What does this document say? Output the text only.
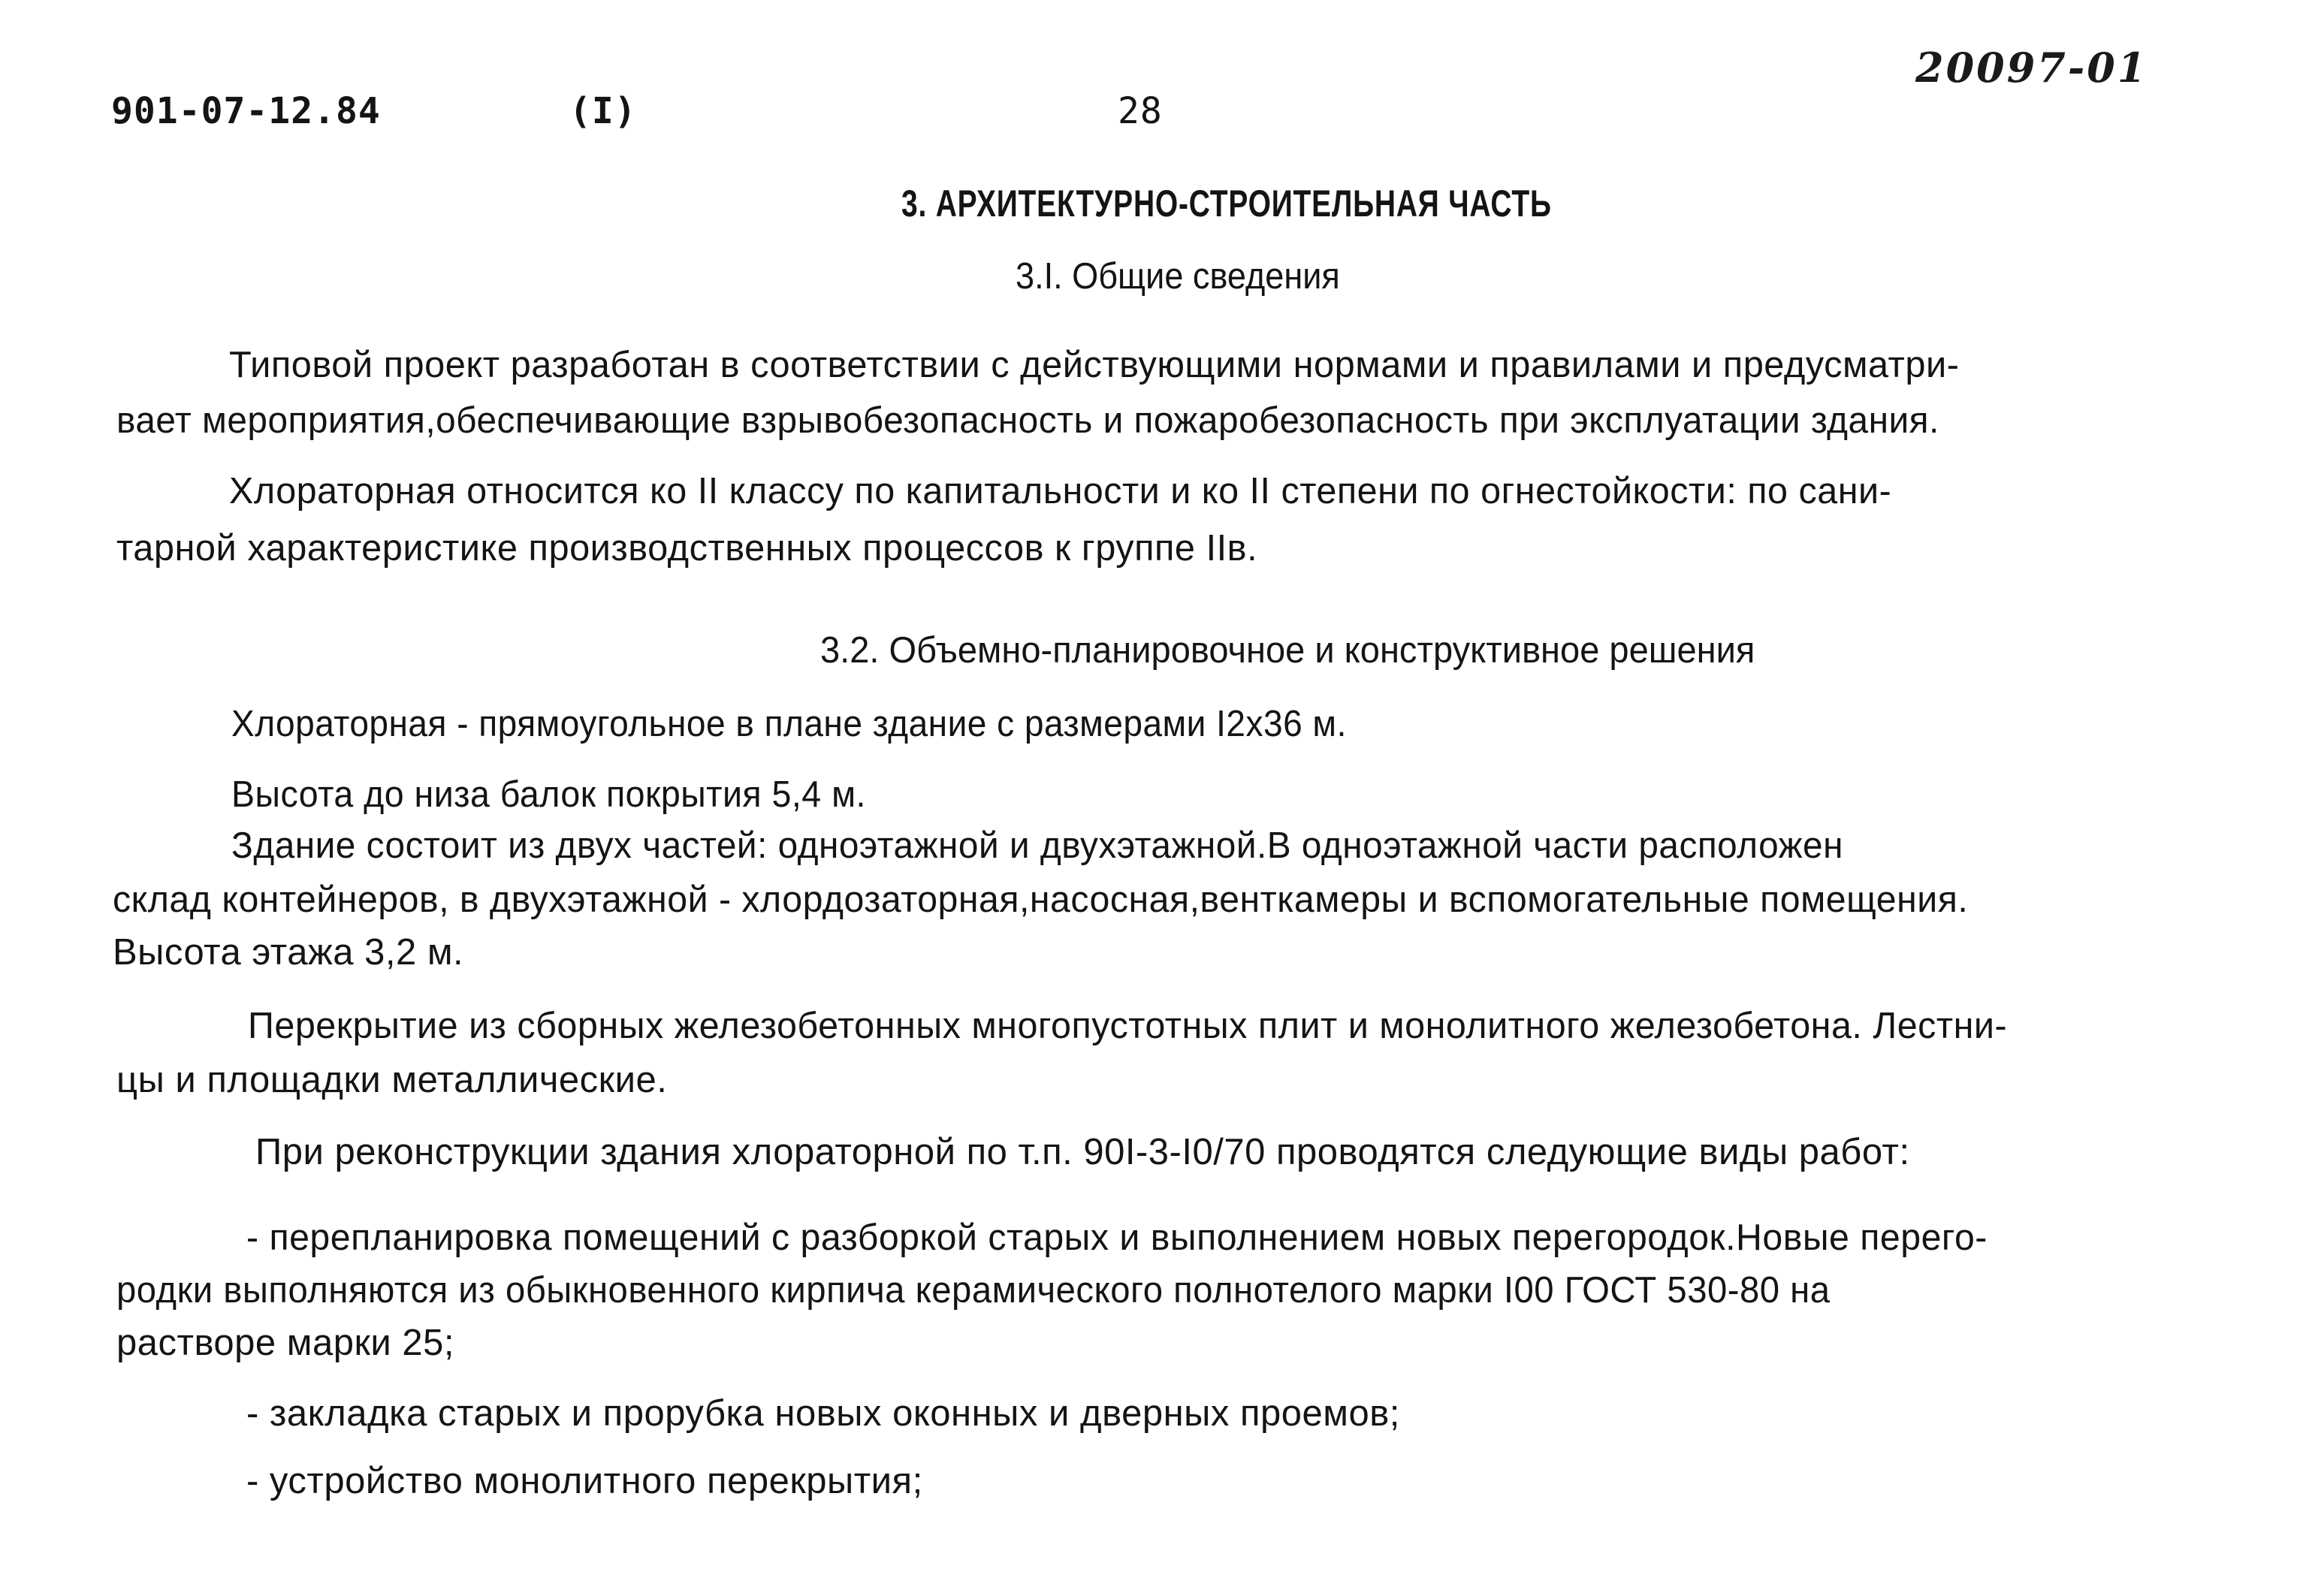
901-07-12.84	(I)	28
20097-01
3. АРХИТЕКТУРНО-СТРОИТЕЛЬНАЯ ЧАСТЬ
3.I. Общие сведения
Типовой проект разработан в соответствии с действующими нормами и правилами и предусматри-
вает мероприятия,обеспечивающие взрывобезопасность и пожаробезопасность при эксплуатации здания.
Хлораторная относится ко II классу по капитальности и ко II степени по огнестойкости: по сани-
тарной характеристике производственных процессов к группе IIв.
3.2. Объемно-планировочное и конструктивное решения
Хлораторная - прямоугольное в плане здание с размерами I2х36 м.
Высота до низа балок покрытия 5,4 м.
Здание состоит из двух частей: одноэтажной и двухэтажной.В одноэтажной части расположен
склад контейнеров, в двухэтажной - хлордозаторная,насосная,венткамеры и вспомогательные помещения.
Высота этажа 3,2 м.
Перекрытие из сборных железобетонных многопустотных плит и монолитного железобетона. Лестни-
цы и площадки металлические.
При реконструкции здания хлораторной по т.п. 90I-3-I0/70 проводятся следующие виды работ:
- перепланировка помещений с разборкой старых и выполнением новых перегородок.Новые перего-
родки выполняются из обыкновенного кирпича керамического полнотелого марки I00 ГОСТ 530-80 на
растворе марки 25;
- закладка старых и прорубка новых оконных и дверных проемов;
- устройство монолитного перекрытия;
